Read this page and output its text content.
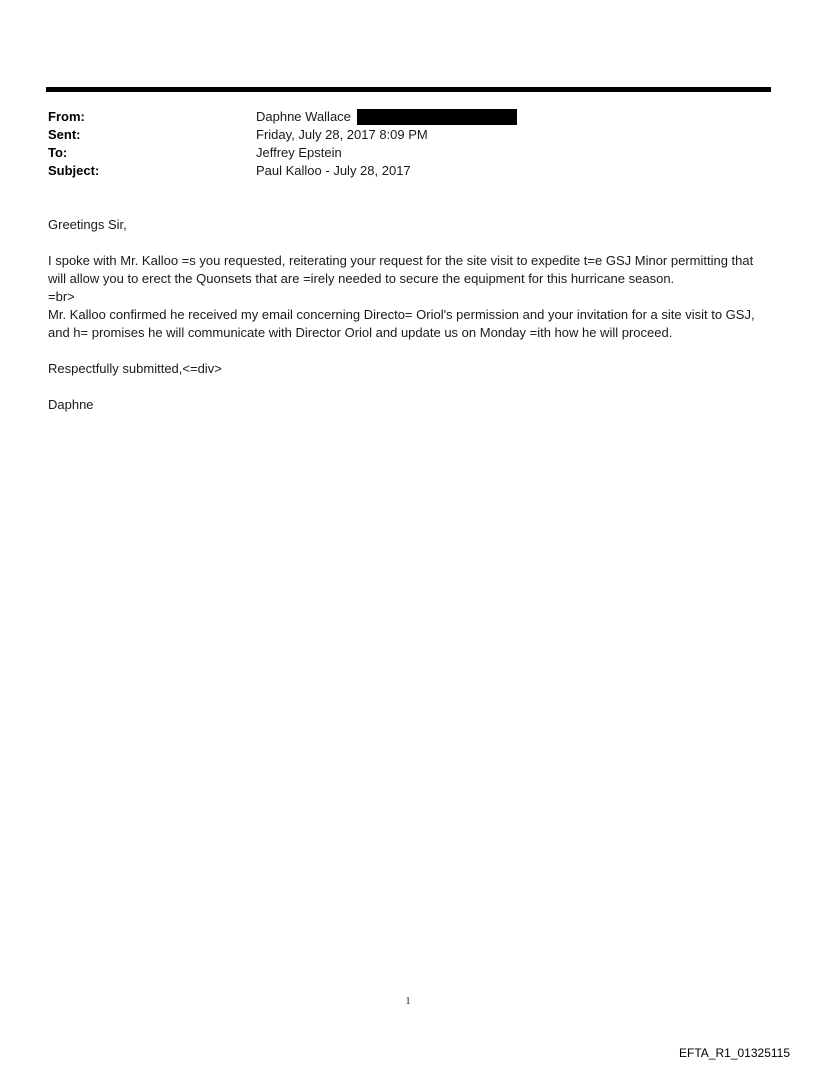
From:	Daphne Wallace
Sent:	Friday, July 28, 2017 8:09 PM
To:	Jeffrey Epstein
Subject:	Paul Kalloo - July 28, 2017

Greetings Sir,

I spoke with Mr. Kalloo =s you requested, reiterating your request for the site visit to expedite t=e GSJ Minor permitting that will allow you to erect the Quonsets that are =irely needed to secure the equipment for this hurricane season.

=br>

Mr. Kalloo confirmed he received my email concerning Directo= Oriol's permission and your invitation for a site visit to GSJ, and h= promises he will communicate with Director Oriol and update us on Monday =ith how he will proceed.

Respectfully submitted,<=div>

Daphne

1
EFTA_R1_01325115
